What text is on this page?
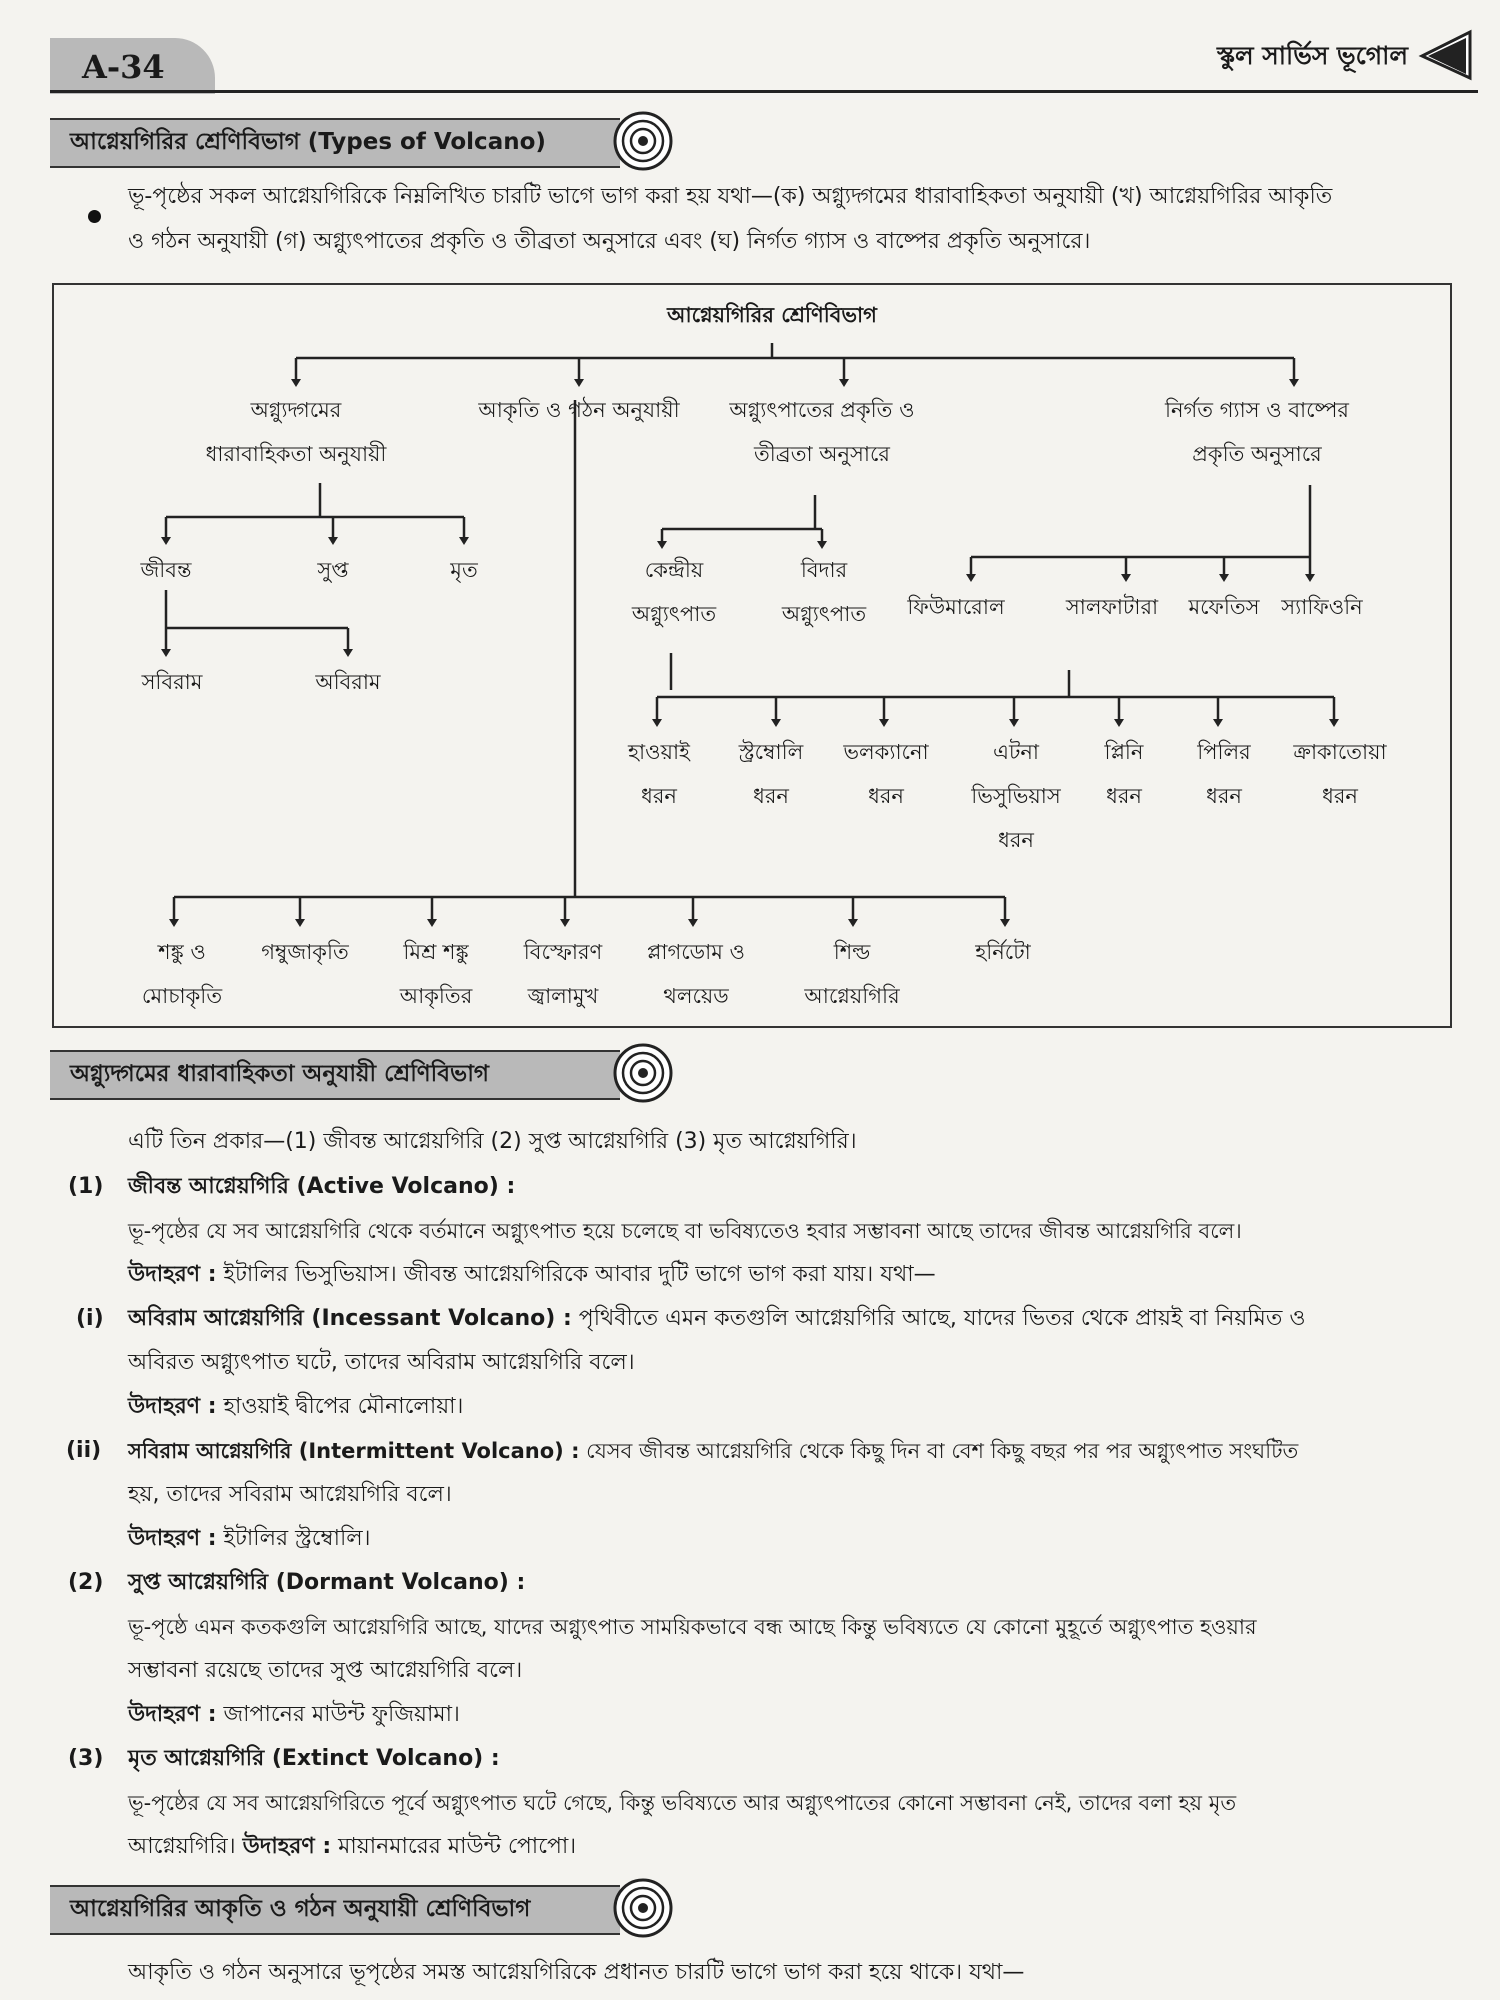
A-34	স্কুল সার্ভিস ভূগোল
আগ্নেয়গিরির শ্রেণিবিভাগ (Types of Volcano)
ভূ-পৃষ্ঠের সকল আগ্নেয়গিরিকে নিম্নলিখিত চারটি ভাগে ভাগ করা হয় যথা—(ক) অগ্ন্যুদ্গমের ধারাবাহিকতা অনুযায়ী (খ) আগ্নেয়গিরির আকৃতি
ও গঠন অনুযায়ী (গ) অগ্ন্যুৎপাতের প্রকৃতি ও তীব্রতা অনুসারে এবং (ঘ) নির্গত গ্যাস ও বাষ্পের প্রকৃতি অনুসারে।
আগ্নেয়গিরির শ্রেণিবিভাগ
অগ্ন্যুদ্গমের
ধারাবাহিকতা অনুযায়ী
আকৃতি ও গঠন অনুযায়ী অগ্ন্যুৎপাতের প্রকৃতি ও
তীব্রতা অনুসারে
নির্গত গ্যাস ও বাষ্পের
প্রকৃতি অনুসারে
জীবন্ত	সুপ্ত	মৃত
সবিরাম	অবিরাম
কেন্দ্রীয়
অগ্ন্যুৎপাত
বিদার
অগ্ন্যুৎপাত ফিউমারোল	সালফাটারা মফেতিস স্যাফিওনি
হাওয়াই
ধরন
স্ট্রম্বোলি
ধরন
ভলক্যানো
ধরন
এটনা
ভিসুভিয়াস
ধরন
প্লিনি
ধরন
পিলির
ধরন
ক্রাকাতোয়া
ধরন
শঙ্কু ও
মোচাকৃতি
গম্বুজাকৃতি	মিশ্র শঙ্কু
আকৃতির
বিস্ফোরণ
জ্বালামুখ
প্লাগডোম ও
থলয়েড
শিল্ড
আগ্নেয়গিরি
হর্নিটো
অগ্ন্যুদ্গমের ধারাবাহিকতা অনুযায়ী শ্রেণিবিভাগ
এটি তিন প্রকার—(1) জীবন্ত আগ্নেয়গিরি (2) সুপ্ত আগ্নেয়গিরি (3) মৃত আগ্নেয়গিরি।
(1) জীবন্ত আগ্নেয়গিরি (Active Volcano) :
ভূ-পৃষ্ঠের যে সব আগ্নেয়গিরি থেকে বর্তমানে অগ্ন্যুৎপাত হয়ে চলেছে বা ভবিষ্যতেও হবার সম্ভাবনা আছে তাদের জীবন্ত আগ্নেয়গিরি বলে।
উদাহরণ : ইটালির ভিসুভিয়াস। জীবন্ত আগ্নেয়গিরিকে আবার দুটি ভাগে ভাগ করা যায়। যথা—
(i) অবিরাম আগ্নেয়গিরি (Incessant Volcano) : পৃথিবীতে এমন কতগুলি আগ্নেয়গিরি আছে, যাদের ভিতর থেকে প্রায়ই বা নিয়মিত ও
অবিরত অগ্ন্যুৎপাত ঘটে, তাদের অবিরাম আগ্নেয়গিরি বলে।
উদাহরণ : হাওয়াই দ্বীপের মৌনালোয়া।
(ii) সবিরাম আগ্নেয়গিরি (Intermittent Volcano) : যেসব জীবন্ত আগ্নেয়গিরি থেকে কিছু দিন বা বেশ কিছু বছর পর পর অগ্ন্যুৎপাত সংঘটিত
হয়, তাদের সবিরাম আগ্নেয়গিরি বলে।
উদাহরণ : ইটালির স্ট্রম্বোলি।
(2) সুপ্ত আগ্নেয়গিরি (Dormant Volcano) :
ভূ-পৃষ্ঠে এমন কতকগুলি আগ্নেয়গিরি আছে, যাদের অগ্ন্যুৎপাত সাময়িকভাবে বন্ধ আছে কিন্তু ভবিষ্যতে যে কোনো মুহূর্তে অগ্ন্যুৎপাত হওয়ার
সম্ভাবনা রয়েছে তাদের সুপ্ত আগ্নেয়গিরি বলে।
উদাহরণ : জাপানের মাউন্ট ফুজিয়ামা।
(3) মৃত আগ্নেয়গিরি (Extinct Volcano) :
ভূ-পৃষ্ঠের যে সব আগ্নেয়গিরিতে পূর্বে অগ্ন্যুৎপাত ঘটে গেছে, কিন্তু ভবিষ্যতে আর অগ্ন্যুৎপাতের কোনো সম্ভাবনা নেই, তাদের বলা হয় মৃত
আগ্নেয়গিরি। উদাহরণ : মায়ানমারের মাউন্ট পোপো।
আগ্নেয়গিরির আকৃতি ও গঠন অনুযায়ী শ্রেণিবিভাগ
আকৃতি ও গঠন অনুসারে ভূপৃষ্ঠের সমস্ত আগ্নেয়গিরিকে প্রধানত চারটি ভাগে ভাগ করা হয়ে থাকে। যথা—
